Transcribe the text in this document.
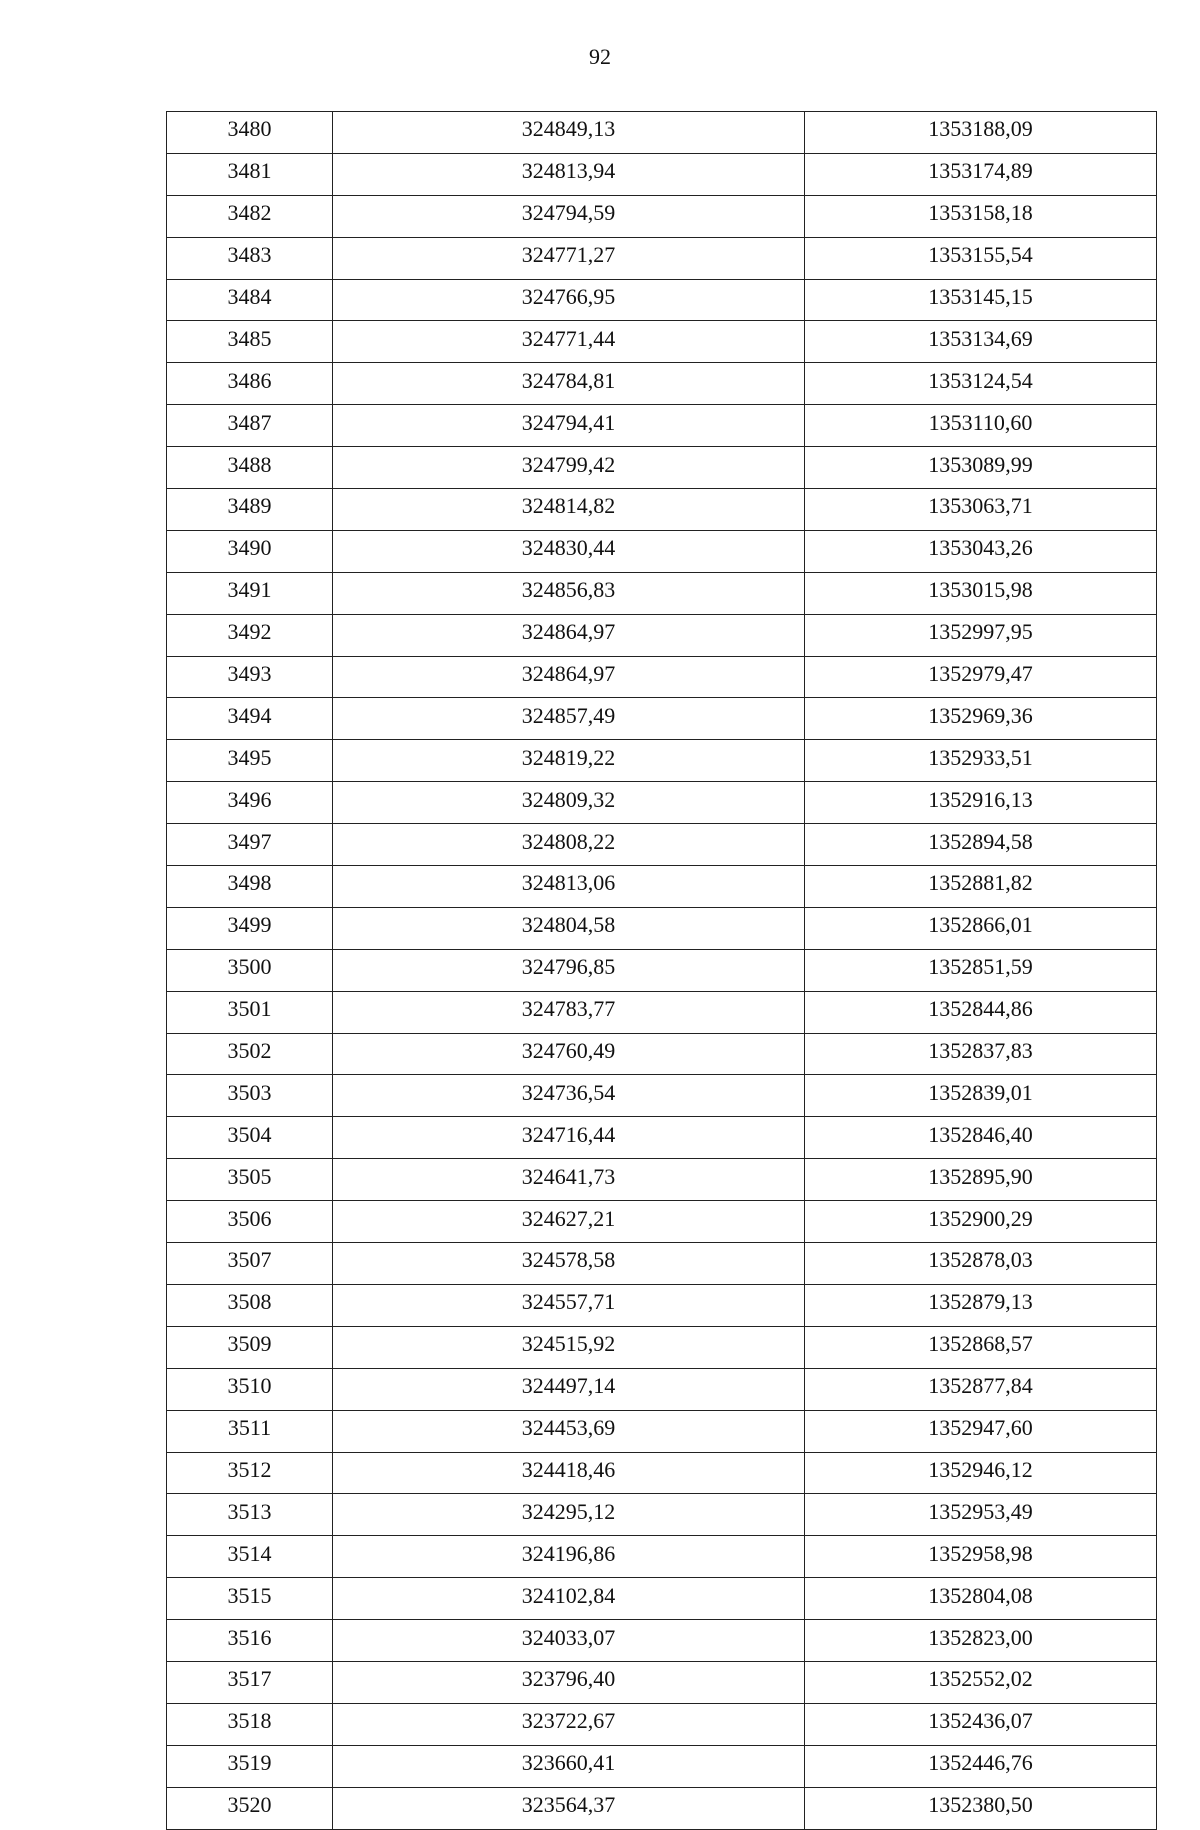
92
3480	324849,13	1353188,09
3481	324813,94	1353174,89
3482	324794,59	1353158,18
3483	324771,27	1353155,54
3484	324766,95	1353145,15
3485	324771,44	1353134,69
3486	324784,81	1353124,54
3487	324794,41	1353110,60
3488	324799,42	1353089,99
3489	324814,82	1353063,71
3490	324830,44	1353043,26
3491	324856,83	1353015,98
3492	324864,97	1352997,95
3493	324864,97	1352979,47
3494	324857,49	1352969,36
3495	324819,22	1352933,51
3496	324809,32	1352916,13
3497	324808,22	1352894,58
3498	324813,06	1352881,82
3499	324804,58	1352866,01
3500	324796,85	1352851,59
3501	324783,77	1352844,86
3502	324760,49	1352837,83
3503	324736,54	1352839,01
3504	324716,44	1352846,40
3505	324641,73	1352895,90
3506	324627,21	1352900,29
3507	324578,58	1352878,03
3508	324557,71	1352879,13
3509	324515,92	1352868,57
3510	324497,14	1352877,84
3511	324453,69	1352947,60
3512	324418,46	1352946,12
3513	324295,12	1352953,49
3514	324196,86	1352958,98
3515	324102,84	1352804,08
3516	324033,07	1352823,00
3517	323796,40	1352552,02
3518	323722,67	1352436,07
3519	323660,41	1352446,76
3520	323564,37	1352380,50
